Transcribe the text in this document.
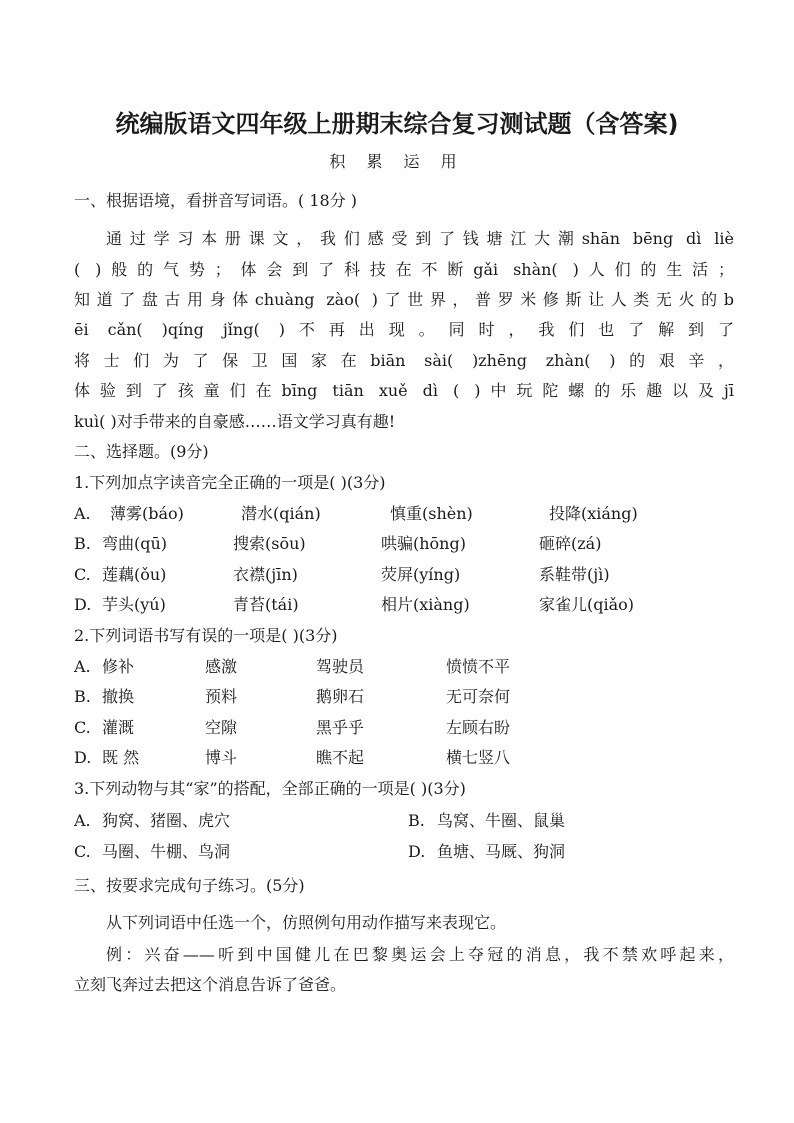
统编版语文四年级上册期末综合复习测试题（含答案)
积 累 运 用
一、根据语境，看拼音写词语。( 18分 )
通过学习本册课文，我们感受到了钱塘江大潮shān bēng dì liè
( )般的气势；体会到了科技在不断gǎi shàn( )人们的生活；
知道了盘古用身体chuàng zào( )了世界，普罗米修斯让人类无火的b
ēi cǎn( )qíng jǐng( )不再出现。同时，我们也了解到了
将士们为了保卫国家在biān sài( )zhēng zhàn( )的艰辛，
体验到了孩童们在bīng tiān xuě dì ( )中玩陀螺的乐趣以及jī
kuì( )对手带来的自豪感……语文学习真有趣!
二、选择题。(9分)
1.下列加点字读音完全正确的一项是( )(3分)
A. 薄雾(báo)	潜水(qián)	慎重(shèn)	投降(xiáng)
B. 弯曲(qū)	搜索(sōu)	哄骗(hōng)	砸碎(zá)
C. 莲藕(ǒu)	衣襟(jīn)	荧屏(yíng)	系鞋带(jì)
D. 芋头(yú)	青苔(tái)	相片(xiàng)	家雀儿(qiǎo)
2.下列词语书写有误的一项是( )(3分)
A. 修补	感激	驾驶员	愤愤不平
B. 撤换	预料	鹅卵石	无可奈何
C. 灌溉	空隙	黑乎乎	左顾右盼
D. 既 然	博斗	瞧不起	横七竖八
3.下列动物与其“家”的搭配，全部正确的一项是( )(3分)
A. 狗窝、猪圈、虎穴	B. 鸟窝、牛圈、鼠巢
C. 马圈、牛棚、鸟洞	D. 鱼塘、马厩、狗洞
三、按要求完成句子练习。(5分)
从下列词语中任选一个，仿照例句用动作描写来表现它。
例：兴奋——听到中国健儿在巴黎奥运会上夺冠的消息，我不禁欢呼起来，
立刻飞奔过去把这个消息告诉了爸爸。
